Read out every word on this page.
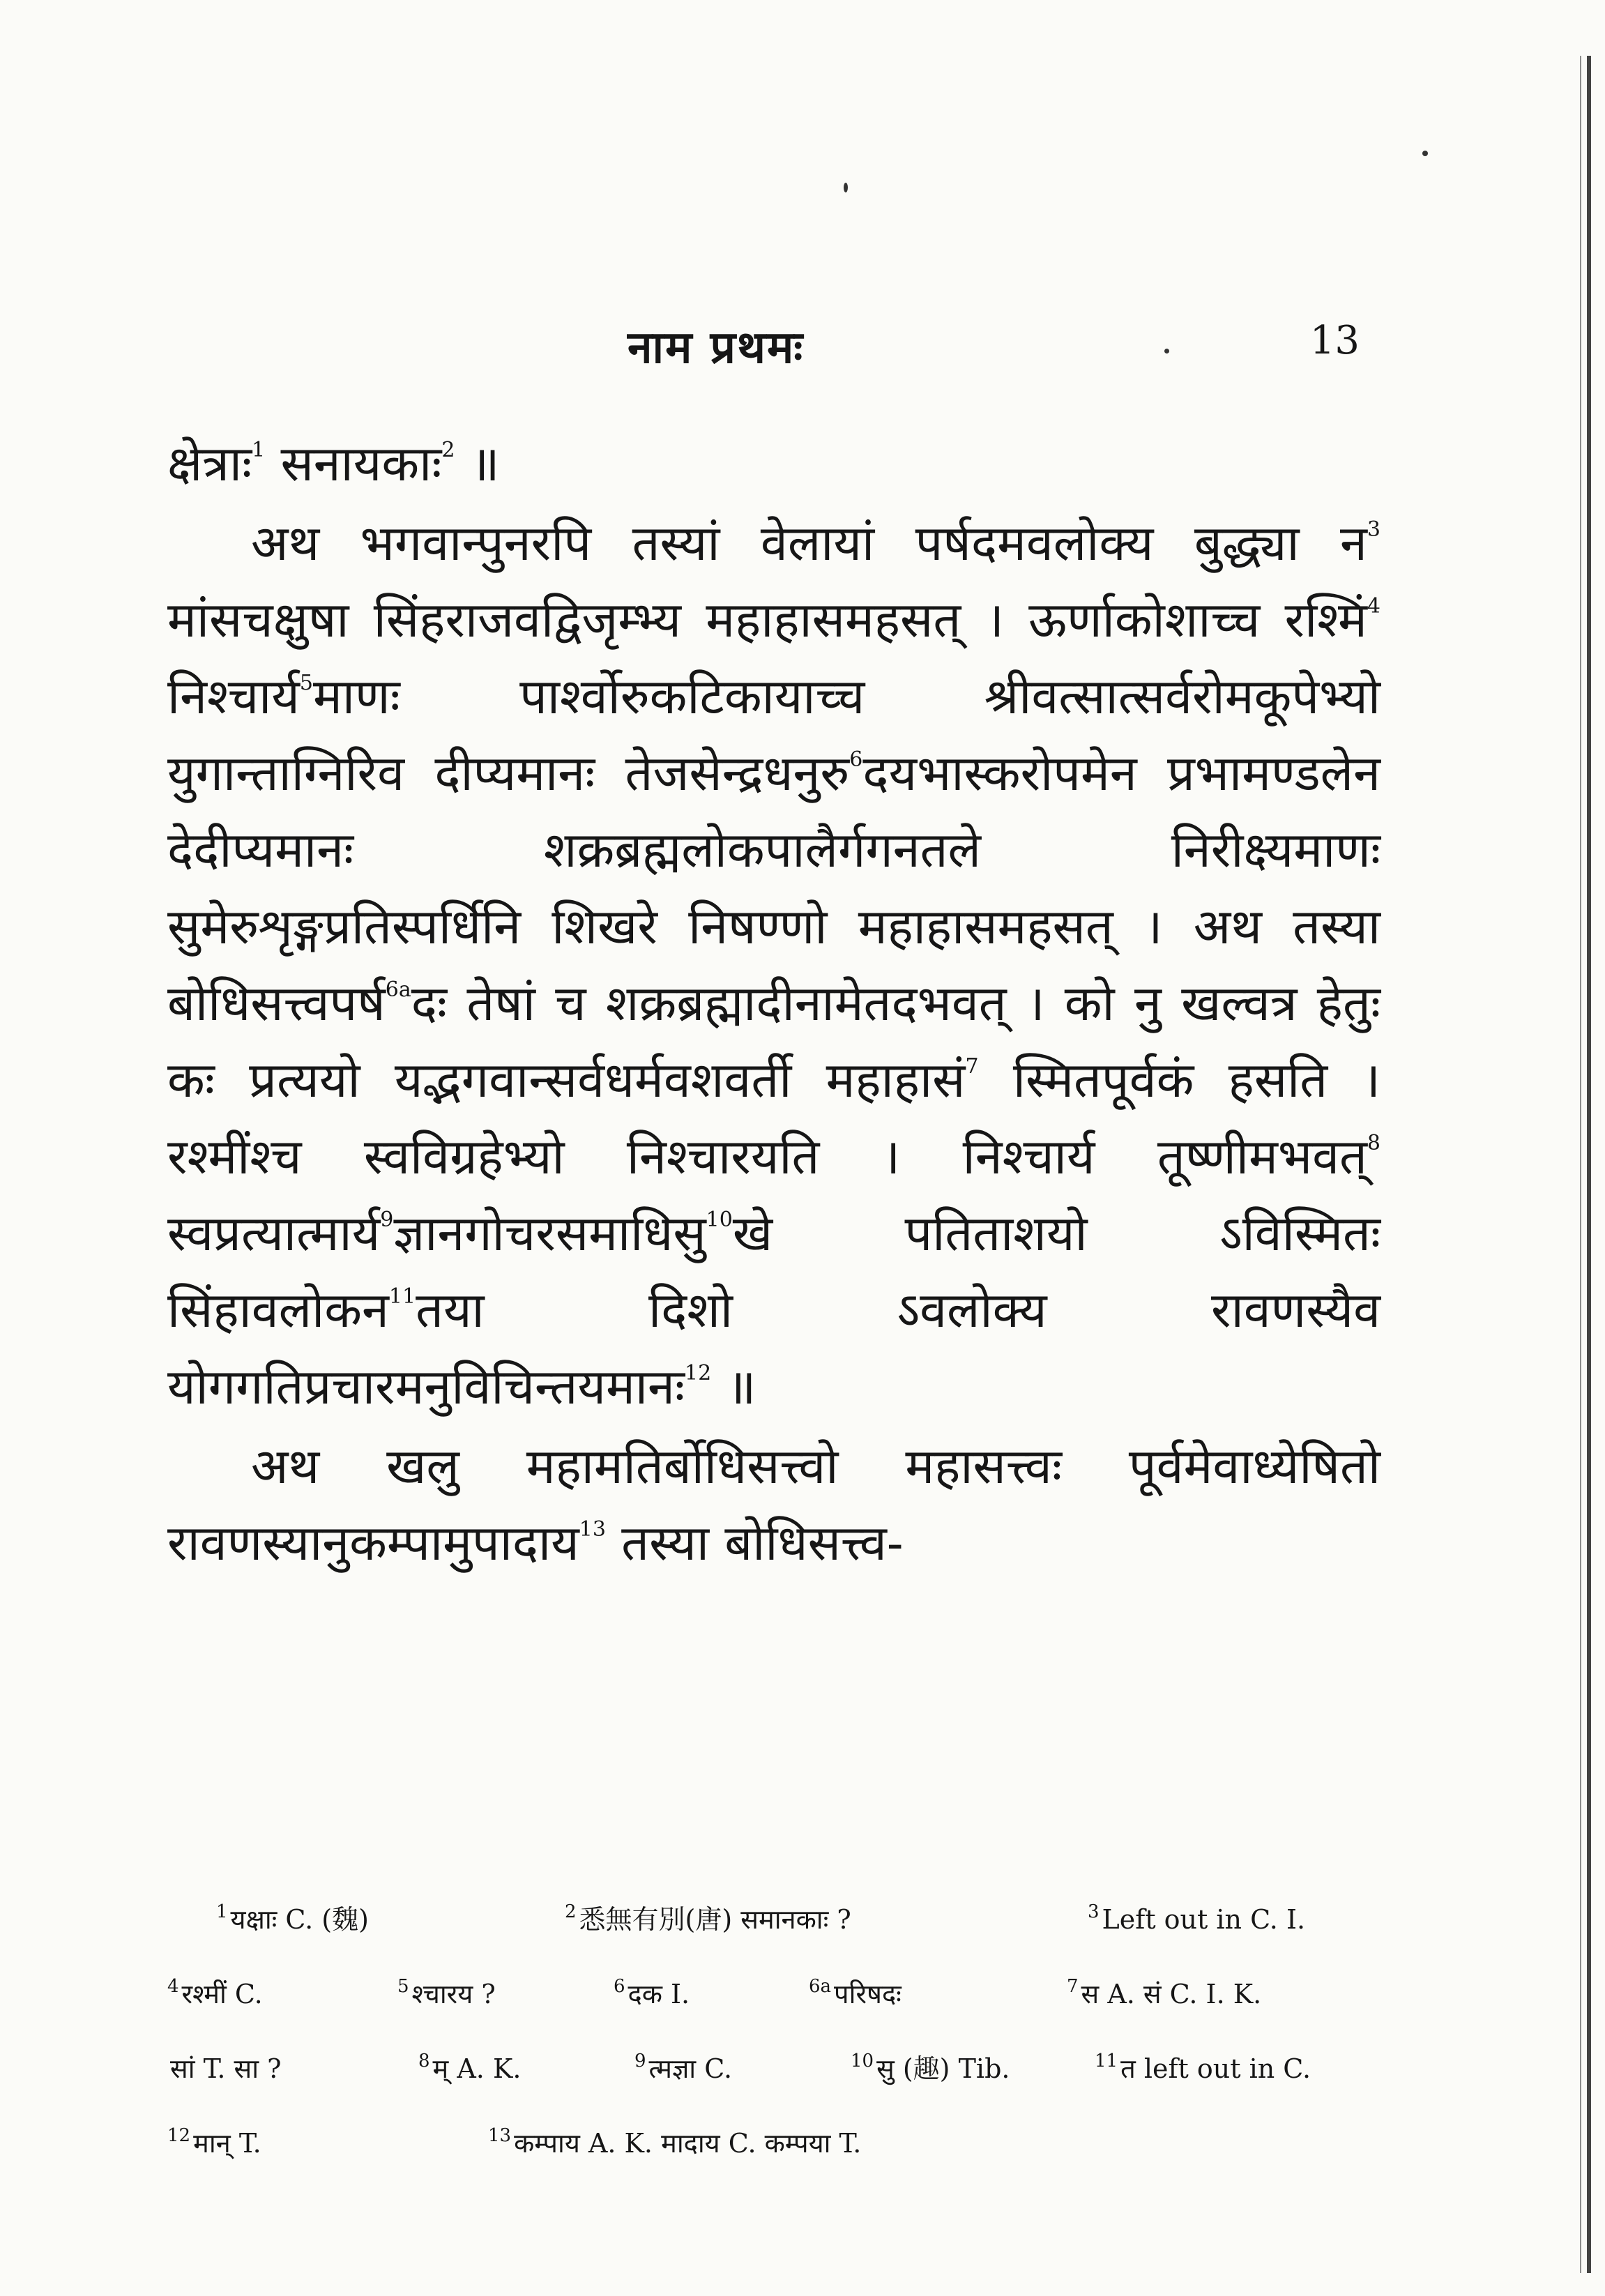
नाम प्रथमः	13

क्षेत्राः$^1$ सनायकाः$^2$ ॥

अथ भगवान्पुनरपि तस्यां वेलायां पर्षदमवलोक्य बुद्ध्या न$^3$ मांसचक्षुषा सिंहराजवद्विजृम्भ्य महाहासमहसत् । ऊर्णाकोशाच्च रश्मिं$^4$ निश्चार्य$^5$माणः पार्श्वोरुकटिकायाच्च श्रीवत्सात्सर्वरोमकूपेभ्यो युगान्ताग्निरिव दीप्यमानः तेजसेन्द्रधनुरु$^6$दयभास्करोपमेन प्रभामण्डलेन देदीप्यमानः शक्रब्रह्मलोकपालैर्गगनतले निरीक्ष्यमाणः सुमेरुशृङ्गप्रतिस्पर्धिनि शिखरे निषण्णो महाहासमहसत् । अथ तस्या बोधिसत्त्वपर्ष$^{6a}$दः तेषां च शक्रब्रह्मादीनामेतदभवत् । को नु खल्वत्र हेतुः कः प्रत्ययो यद्भगवान्सर्वधर्मवशवर्ती महाहासं$^7$ स्मितपूर्वकं हसति । रश्मींश्च स्वविग्रहेभ्यो निश्चारयति । निश्चार्य तूष्णीमभवत्$^8$ स्वप्रत्यात्मार्य$^9$ज्ञानगोचरसमाधिसु$^{10}$खे पतिताशयो ऽविस्मितः सिंहावलोकन$^{11}$तया दिशो ऽवलोक्य रावणस्यैव योगगतिप्रचारमनुविचिन्तयमानः$^{12}$ ॥

अथ खलु महामतिर्बोधिसत्त्वो महासत्त्वः पूर्वमेवाध्येषितो रावणस्यानुकम्पामुपादाय$^{13}$ तस्या बोधिसत्त्व-

$^1$ यक्षाः C. (魏)	$^2$ 悉無有別(唐) समानकाः ?	$^3$ Left out in C. I.
$^4$ रश्मीं C.	$^5$ श्चारय ?	$^6$ दक I.	$^{6a}$ परिषदः	$^7$ स A. सं C. I. K.
सां T. सा ?	$^8$ म् A. K.	$^9$ त्मज्ञा C.	$^{10}$ सु (趣) Tib.	$^{11}$ त left out in C.
$^{12}$ मान् T.	$^{13}$ कम्पाय A. K. मादाय C. कम्पया T.
